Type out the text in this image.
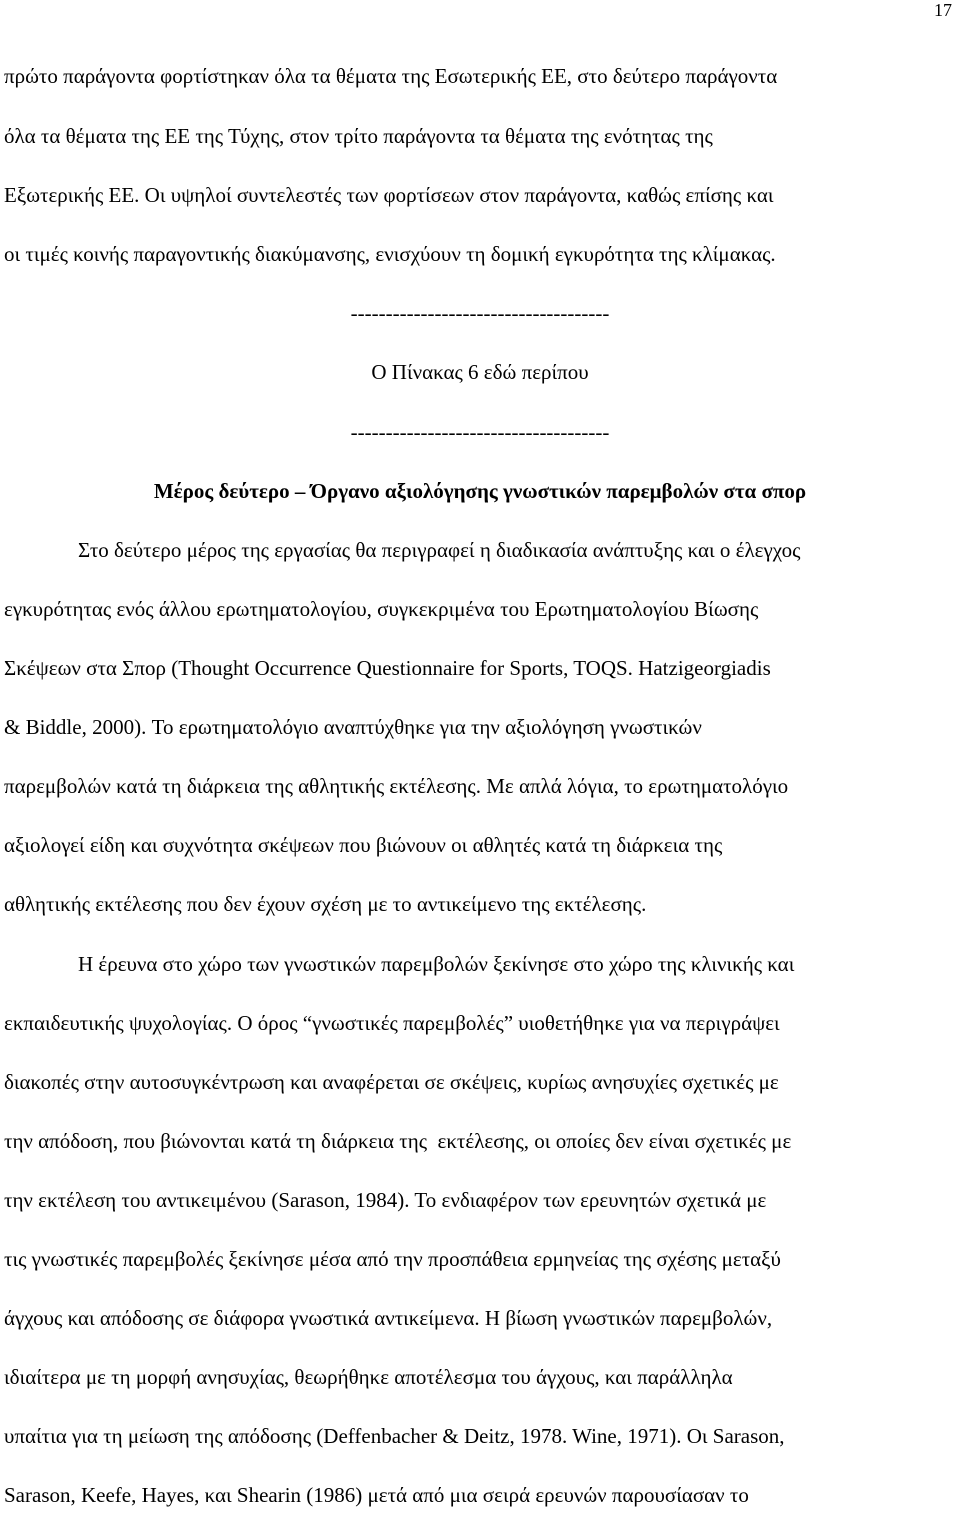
17
πρώτο παράγοντα φορτίστηκαν όλα τα θέματα της Εσωτερικής ΕΕ, στο δεύτερο παράγοντα
όλα τα θέματα της ΕΕ της Τύχης, στον τρίτο παράγοντα τα θέματα της ενότητας της
Εξωτερικής ΕΕ. Οι υψηλοί συντελεστές των φορτίσεων στον παράγοντα, καθώς επίσης και
οι τιμές κοινής παραγοντικής διακύμανσης, ενισχύουν τη δομική εγκυρότητα της κλίμακας.
-------------------------------------
Ο Πίνακας 6 εδώ περίπου
-------------------------------------
Μέρος δεύτερο – Όργανο αξιολόγησης γνωστικών παρεμβολών στα σπορ
Στο δεύτερο μέρος της εργασίας θα περιγραφεί η διαδικασία ανάπτυξης και ο έλεγχος
εγκυρότητας ενός άλλου ερωτηματολογίου, συγκεκριμένα του Ερωτηματολογίου Βίωσης
Σκέψεων στα Σπορ (Thought Occurrence Questionnaire for Sports, TOQS. Hatzigeorgiadis
& Biddle, 2000). Το ερωτηματολόγιο αναπτύχθηκε για την αξιολόγηση γνωστικών
παρεμβολών κατά τη διάρκεια της αθλητικής εκτέλεσης. Με απλά λόγια, το ερωτηματολόγιο
αξιολογεί είδη και συχνότητα σκέψεων που βιώνουν οι αθλητές κατά τη διάρκεια της
αθλητικής εκτέλεσης που δεν έχουν σχέση με το αντικείμενο της εκτέλεσης.
Η έρευνα στο χώρο των γνωστικών παρεμβολών ξεκίνησε στο χώρο της κλινικής και
εκπαιδευτικής ψυχολογίας. Ο όρος “γνωστικές παρεμβολές” υιοθετήθηκε για να περιγράψει
διακοπές στην αυτοσυγκέντρωση και αναφέρεται σε σκέψεις, κυρίως ανησυχίες σχετικές με
την απόδοση, που βιώνονται κατά τη διάρκεια της  εκτέλεσης, οι οποίες δεν είναι σχετικές με
την εκτέλεση του αντικειμένου (Sarason, 1984). Το ενδιαφέρον των ερευνητών σχετικά με
τις γνωστικές παρεμβολές ξεκίνησε μέσα από την προσπάθεια ερμηνείας της σχέσης μεταξύ
άγχους και απόδοσης σε διάφορα γνωστικά αντικείμενα. Η βίωση γνωστικών παρεμβολών,
ιδιαίτερα με τη μορφή ανησυχίας, θεωρήθηκε αποτέλεσμα του άγχους, και παράλληλα
υπαίτια για τη μείωση της απόδοσης (Deffenbacher & Deitz, 1978. Wine, 1971). Οι Sarason,
Sarason, Keefe, Hayes, και Shearin (1986) μετά από μια σειρά ερευνών παρουσίασαν το
